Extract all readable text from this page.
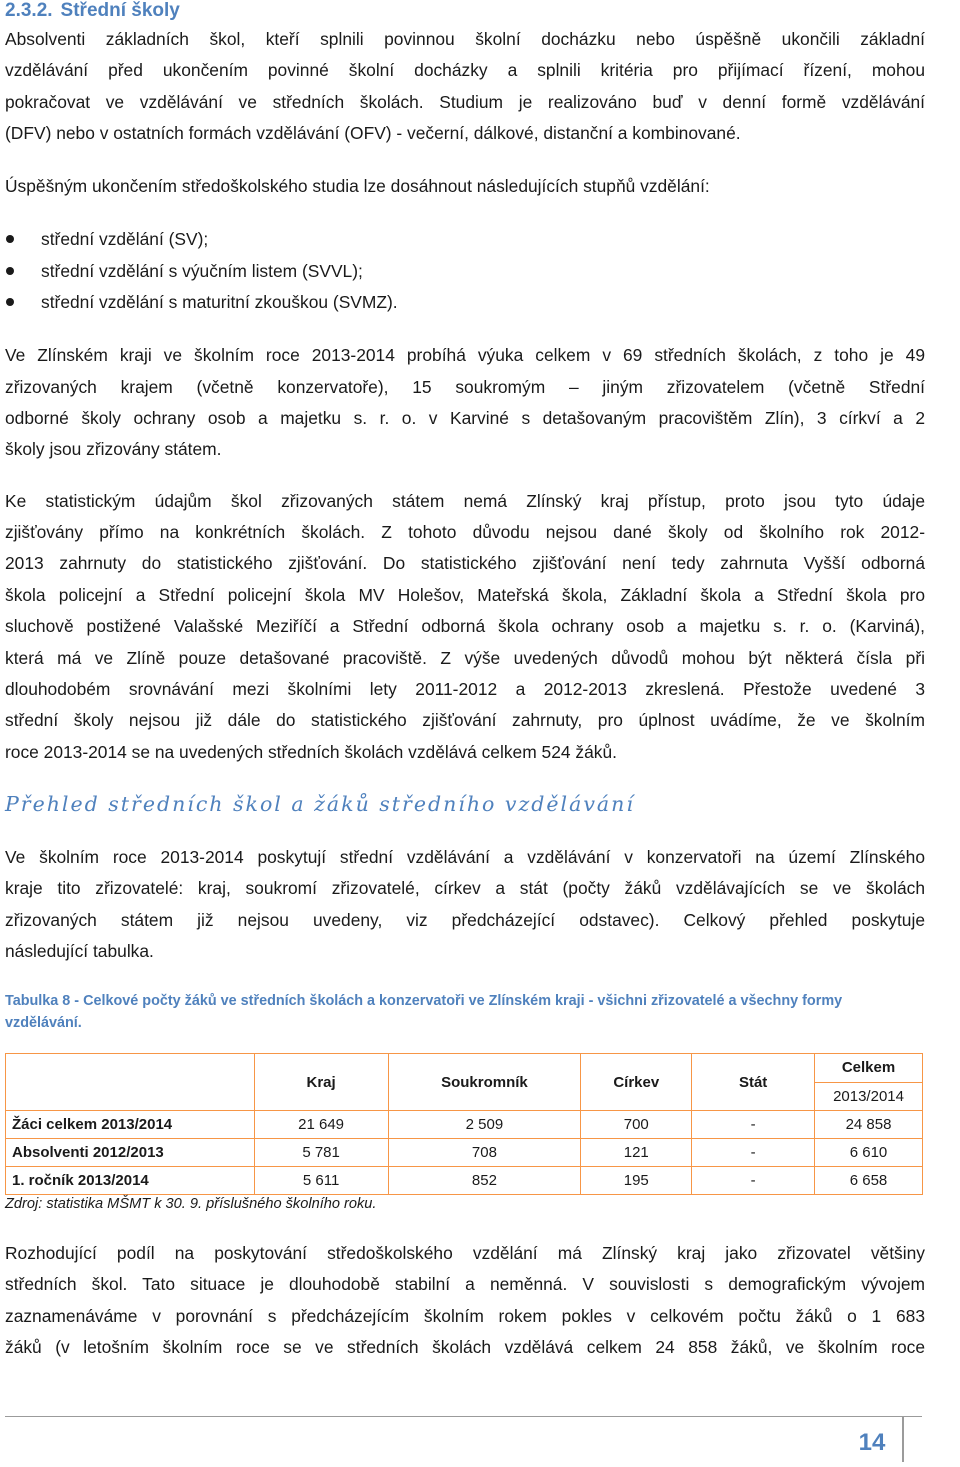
2.3.2. Střední školy
Absolventi základních škol, kteří splnili povinnou školní docházku nebo úspěšně ukončili základní
vzdělávání před ukončením povinné školní docházky a splnili kritéria pro přijímací řízení, mohou
pokračovat ve vzdělávání ve středních školách. Studium je realizováno buď v denní formě vzdělávání
(DFV) nebo v ostatních formách vzdělávání (OFV) - večerní, dálkové, distanční a kombinované.
Úspěšným ukončením středoškolského studia lze dosáhnout následujících stupňů vzdělání:
střední vzdělání (SV);
střední vzdělání s výučním listem (SVVL);
střední vzdělání s maturitní zkouškou (SVMZ).
Ve Zlínském kraji ve školním roce 2013-2014 probíhá výuka celkem v 69 středních školách, z toho je 49
zřizovaných krajem (včetně konzervatoře), 15 soukromým – jiným zřizovatelem (včetně Střední
odborné školy ochrany osob a majetku s. r. o. v Karviné s detašovaným pracovištěm Zlín), 3 církví a 2
školy jsou zřizovány státem.
Ke statistickým údajům škol zřizovaných státem nemá Zlínský kraj přístup, proto jsou tyto údaje
zjišťovány přímo na konkrétních školách. Z tohoto důvodu nejsou dané školy od školního rok 2012-
2013 zahrnuty do statistického zjišťování. Do statistického zjišťování není tedy zahrnuta Vyšší odborná
škola policejní a Střední policejní škola MV Holešov, Mateřská škola, Základní škola a Střední škola pro
sluchově postižené Valašské Meziříčí a Střední odborná škola ochrany osob a majetku s. r. o. (Karviná),
která má ve Zlíně pouze detašované pracoviště. Z výše uvedených důvodů mohou být některá čísla při
dlouhodobém srovnávání mezi školními lety 2011-2012 a 2012-2013 zkreslená. Přestože uvedené 3
střední školy nejsou již dále do statistického zjišťování zahrnuty, pro úplnost uvádíme, že ve školním
roce 2013-2014 se na uvedených středních školách vzdělává celkem 524 žáků.
Přehled středních škol a žáků středního vzdělávání
Ve školním roce 2013-2014 poskytují střední vzdělávání a vzdělávání v konzervatoři na území Zlínského
kraje tito zřizovatelé: kraj, soukromí zřizovatelé, církev a stát (počty žáků vzdělávajících se ve školách
zřizovaných státem již nejsou uvedeny, viz předcházející odstavec). Celkový přehled poskytuje
následující tabulka.
Tabulka 8 - Celkové počty žáků ve středních školách a konzervatoři ve Zlínském kraji - všichni zřizovatelé a všechny formy
vzdělávání.
	Kraj	Soukromník	Církev	Stát	Celkem
2013/2014

Žáci celkem 2013/2014	21 649	2 509	700	-	24 858
Absolventi 2012/2013	5 781	708	121	-	6 610
1. ročník 2013/2014	5 611	852	195	-	6 658
Zdroj: statistika MŠMT k 30. 9. příslušného školního roku.
Rozhodující podíl na poskytování středoškolského vzdělání má Zlínský kraj jako zřizovatel většiny
středních škol. Tato situace je dlouhodobě stabilní a neměnná. V souvislosti s demografickým vývojem
zaznamenáváme v porovnání s předcházejícím školním rokem pokles v celkovém počtu žáků o 1 683
žáků (v letošním školním roce se ve středních školách vzdělává celkem 24 858 žáků, ve školním roce
14
